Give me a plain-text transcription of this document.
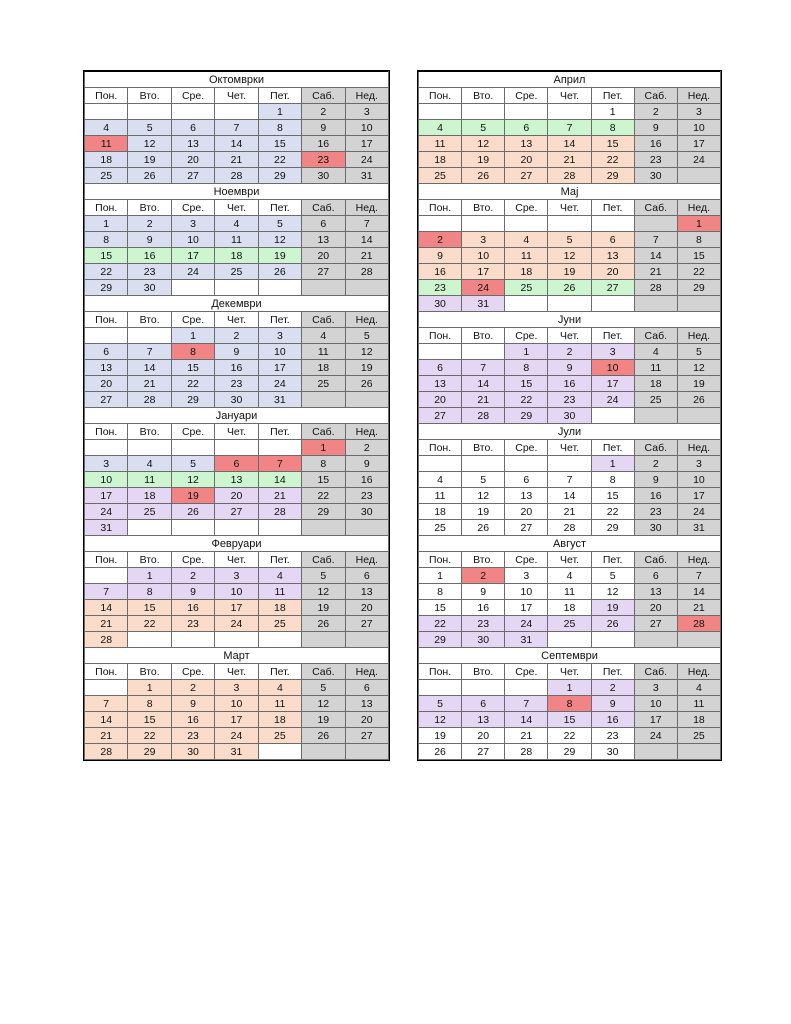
Октомврки						
Пон.	Вто.	Сре.	Чет.	Пет.	Саб.	Нед.
				1	2	3
4	5	6	7	8	9	10
11	12	13	14	15	16	17
18	19	20	21	22	23	24
25	26	27	28	29	30	31
Ноември						
Пон.	Вто.	Сре.	Чет.	Пет.	Саб.	Нед.
1	2	3	4	5	6	7
8	9	10	11	12	13	14
15	16	17	18	19	20	21
22	23	24	25	26	27	28
29	30					
Декември						
Пон.	Вто.	Сре.	Чет.	Пет.	Саб.	Нед.
		1	2	3	4	5
6	7	8	9	10	11	12
13	14	15	16	17	18	19
20	21	22	23	24	25	26
27	28	29	30	31		
Јануари						
Пон.	Вто.	Сре.	Чет.	Пет.	Саб.	Нед.
					1	2
3	4	5	6	7	8	9
10	11	12	13	14	15	16
17	18	19	20	21	22	23
24	25	26	27	28	29	30
31						
Февруари						
Пон.	Вто.	Сре.	Чет.	Пет.	Саб.	Нед.
	1	2	3	4	5	6
7	8	9	10	11	12	13
14	15	16	17	18	19	20
21	22	23	24	25	26	27
28						
Март						
Пон.	Вто.	Сре.	Чет.	Пет.	Саб.	Нед.
	1	2	3	4	5	6
7	8	9	10	11	12	13
14	15	16	17	18	19	20
21	22	23	24	25	26	27
28	29	30	31			
Април						
Пон.	Вто.	Сре.	Чет.	Пет.	Саб.	Нед.
				1	2	3
4	5	6	7	8	9	10
11	12	13	14	15	16	17
18	19	20	21	22	23	24
25	26	27	28	29	30	
Мај						
Пон.	Вто.	Сре.	Чет.	Пет.	Саб.	Нед.
						1
2	3	4	5	6	7	8
9	10	11	12	13	14	15
16	17	18	19	20	21	22
23	24	25	26	27	28	29
30	31					
Јуни						
Пон.	Вто.	Сре.	Чет.	Пет.	Саб.	Нед.
		1	2	3	4	5
6	7	8	9	10	11	12
13	14	15	16	17	18	19
20	21	22	23	24	25	26
27	28	29	30			
Јули						
Пон.	Вто.	Сре.	Чет.	Пет.	Саб.	Нед.
				1	2	3
4	5	6	7	8	9	10
11	12	13	14	15	16	17
18	19	20	21	22	23	24
25	26	27	28	29	30	31
Август						
Пон.	Вто.	Сре.	Чет.	Пет.	Саб.	Нед.
1	2	3	4	5	6	7
8	9	10	11	12	13	14
15	16	17	18	19	20	21
22	23	24	25	26	27	28
29	30	31				
Септември						
Пон.	Вто.	Сре.	Чет.	Пет.	Саб.	Нед.
			1	2	3	4
5	6	7	8	9	10	11
12	13	14	15	16	17	18
19	20	21	22	23	24	25
26	27	28	29	30		
